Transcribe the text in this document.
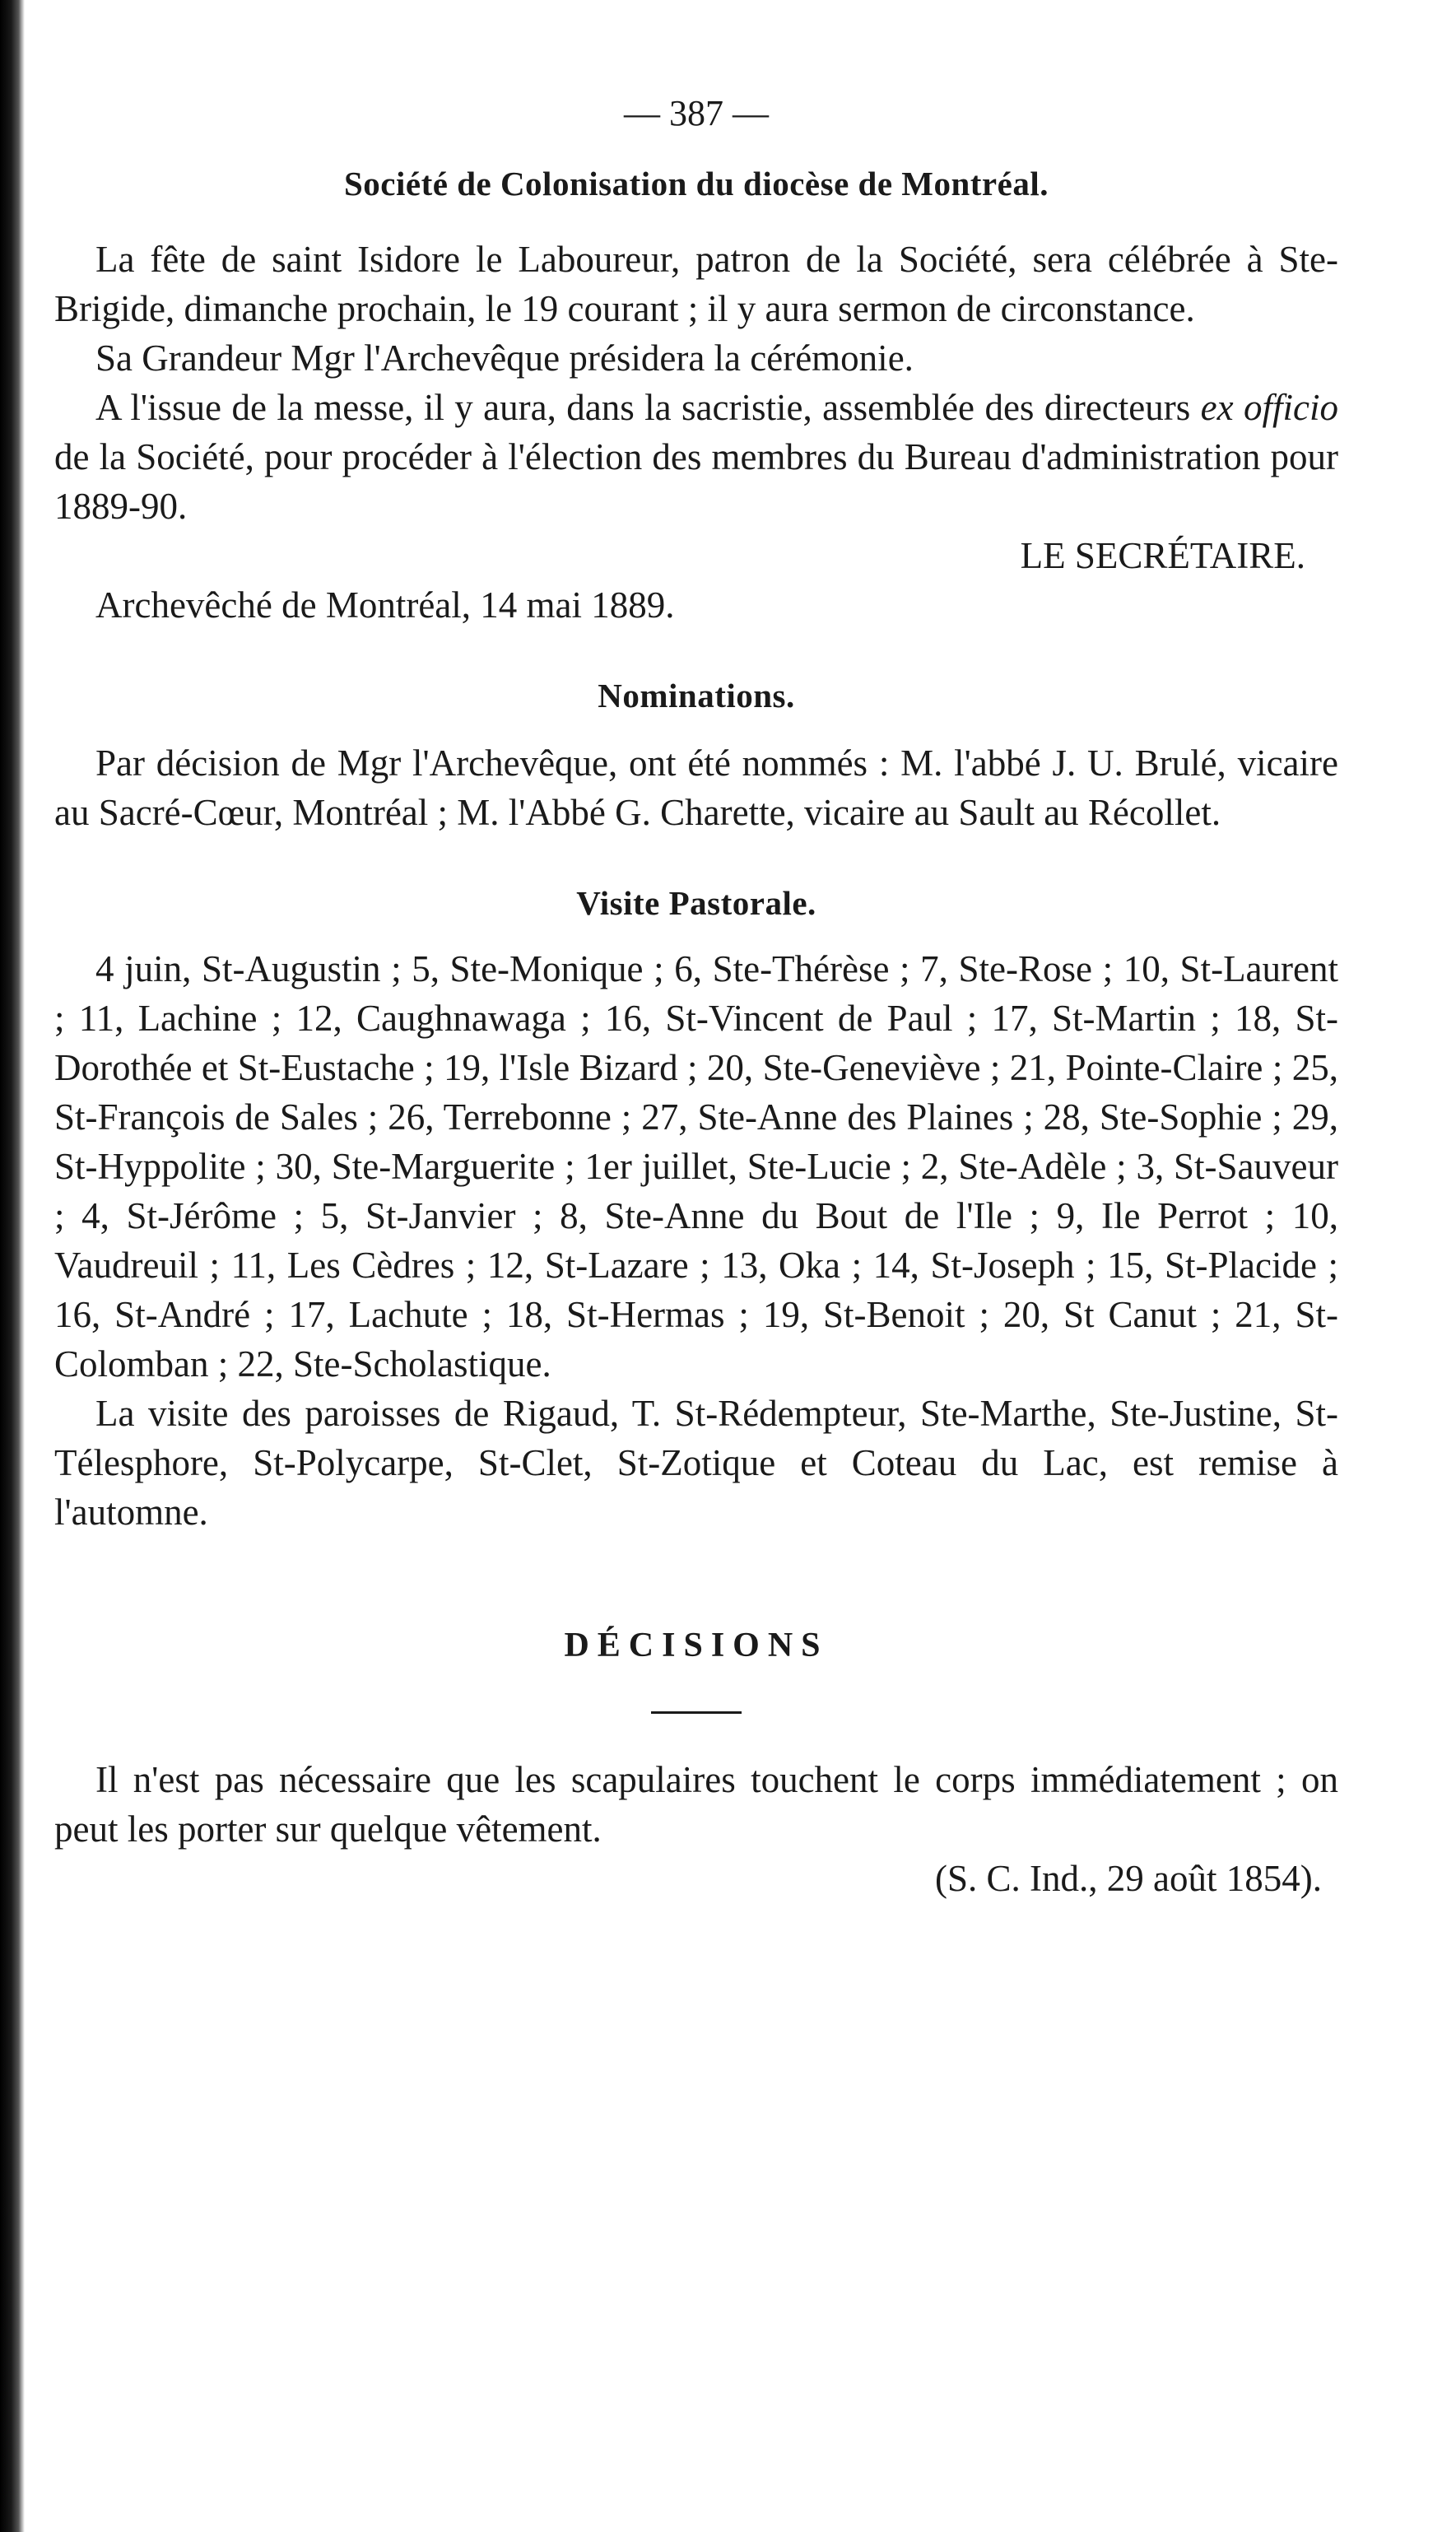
— 387 —
Société de Colonisation du diocèse de Montréal.

La fête de saint Isidore le Laboureur, patron de la Société, sera célébrée à Ste-Brigide, dimanche prochain, le 19 courant ; il y aura sermon de circonstance.

Sa Grandeur Mgr l'Archevêque présidera la cérémonie.

A l'issue de la messe, il y aura, dans la sacristie, assemblée des directeurs ex officio de la Société, pour procéder à l'élection des membres du Bureau d'administration pour 1889-90.

LE SECRÉTAIRE.

Archevêché de Montréal, 14 mai 1889.

Nominations.

Par décision de Mgr l'Archevêque, ont été nommés : M. l'abbé J. U. Brulé, vicaire au Sacré-Cœur, Montréal ; M. l'Abbé G. Charette, vicaire au Sault au Récollet.

Visite Pastorale.

4 juin, St-Augustin ; 5, Ste-Monique ; 6, Ste-Thérèse ; 7, Ste-Rose ; 10, St-Laurent ; 11, Lachine ; 12, Caughnawaga ; 16, St-Vincent de Paul ; 17, St-Martin ; 18, St-Dorothée et St-Eustache ; 19, l'Isle Bizard ; 20, Ste-Geneviève ; 21, Pointe-Claire ; 25, St-François de Sales ; 26, Terrebonne ; 27, Ste-Anne des Plaines ; 28, Ste-Sophie ; 29, St-Hyppolite ; 30, Ste-Marguerite ; 1er juillet, Ste-Lucie ; 2, Ste-Adèle ; 3, St-Sauveur ; 4, St-Jérôme ; 5, St-Janvier ; 8, Ste-Anne du Bout de l'Ile ; 9, Ile Perrot ; 10, Vaudreuil ; 11, Les Cèdres ; 12, St-Lazare ; 13, Oka ; 14, St-Joseph ; 15, St-Placide ; 16, St-André ; 17, Lachute ; 18, St-Hermas ; 19, St-Benoit ; 20, St Canut ; 21, St-Colomban ; 22, Ste-Scholastique.

La visite des paroisses de Rigaud, T. St-Rédempteur, Ste-Marthe, Ste-Justine, St-Télesphore, St-Polycarpe, St-Clet, St-Zotique et Coteau du Lac, est remise à l'automne.

DÉCISIONS

Il n'est pas nécessaire que les scapulaires touchent le corps immédiatement ; on peut les porter sur quelque vêtement.

(S. C. Ind., 29 août 1854).
